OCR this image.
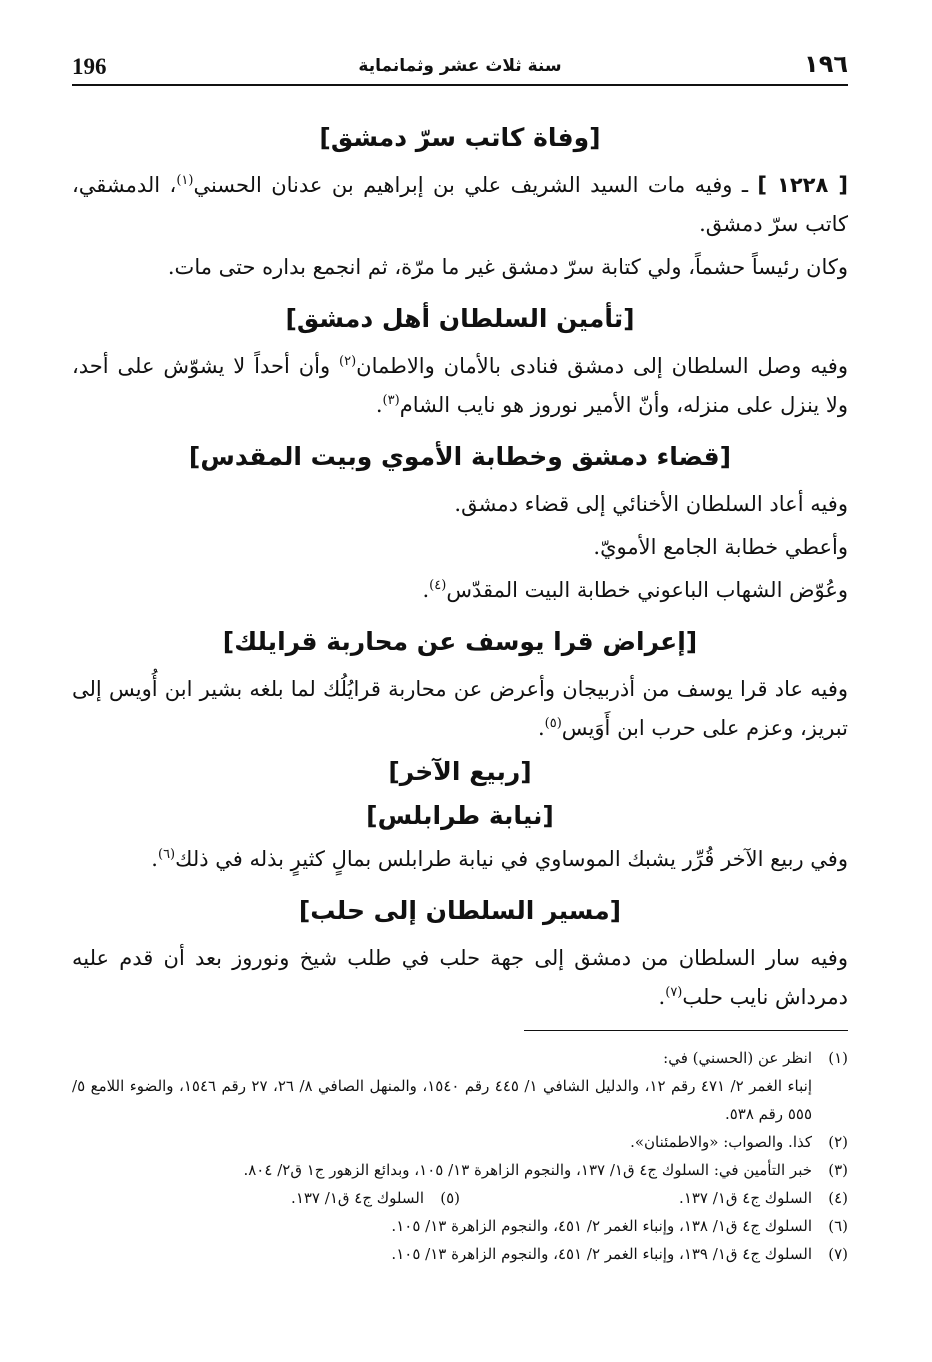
196	سنة ثلاث عشر وثمانماية	١٩٦
[وفاة كاتب سرّ دمشق]

[ ١٢٢٨ ] ـ وفيه مات السيد الشريف علي بن إبراهيم بن عدنان الحسني$^{(١)}$، الدمشقي، كاتب سرّ دمشق.

وكان رئيساً حشماً، ولي كتابة سرّ دمشق غير ما مرّة، ثم انجمع بداره حتى مات.

[تأمين السلطان أهل دمشق]

وفيه وصل السلطان إلى دمشق فنادى بالأمان والاطمان$^{(٢)}$ وأن أحداً لا يشوّش على أحد، ولا ينزل على منزله، وأنّ الأمير نوروز هو نايب الشام$^{(٣)}$.

[قضاء دمشق وخطابة الأموي وبيت المقدس]

وفيه أعاد السلطان الأخنائي إلى قضاء دمشق.

وأعطي خطابة الجامع الأمويّ.

وعُوّض الشهاب الباعوني خطابة البيت المقدّس$^{(٤)}$.

[إعراض قرا يوسف عن محاربة قرايلك]

وفيه عاد قرا يوسف من أذربيجان وأعرض عن محاربة قرايُلُك لما بلغه بشير ابن أُويس إلى تبريز، وعزم على حرب ابن أَوَيس$^{(٥)}$.

[ربيع الآخر]
[نيابة طرابلس]

وفي ربيع الآخر قُرِّر يشبك الموساوي في نيابة طرابلس بمالٍ كثيرٍ بذله في ذلك$^{(٦)}$.

[مسير السلطان إلى حلب]

وفيه سار السلطان من دمشق إلى جهة حلب في طلب شيخ ونوروز بعد أن قدم عليه دمرداش نايب حلب$^{(٧)}$.

(١)
انظر عن (الحسني) في:
إنباء الغمر ٢/ ٤٧١ رقم ١٢، والدليل الشافي ١/ ٤٤٥ رقم ١٥٤٠، والمنهل الصافي ٨/ ٢٦، ٢٧ رقم ١٥٤٦، والضوء اللامع ٥/ ٥٥٥ رقم ٥٣٨.
(٢)
كذا. والصواب: «والاطمئنان».
(٣)
خبر التأمين في: السلوك ج٤ ق١/ ١٣٧، والنجوم الزاهرة ١٣/ ١٠٥، وبدائع الزهور ج١ ق٢/ ٨٠٤.
(٤)
السلوك ج٤ ق١/ ١٣٧.
(٥)
السلوك ج٤ ق١/ ١٣٧.
(٦)
السلوك ج٤ ق١/ ١٣٨، وإنباء الغمر ٢/ ٤٥١، والنجوم الزاهرة ١٣/ ١٠٥.
(٧)
السلوك ج٤ ق١/ ١٣٩، وإنباء الغمر ٢/ ٤٥١، والنجوم الزاهرة ١٣/ ١٠٥.
